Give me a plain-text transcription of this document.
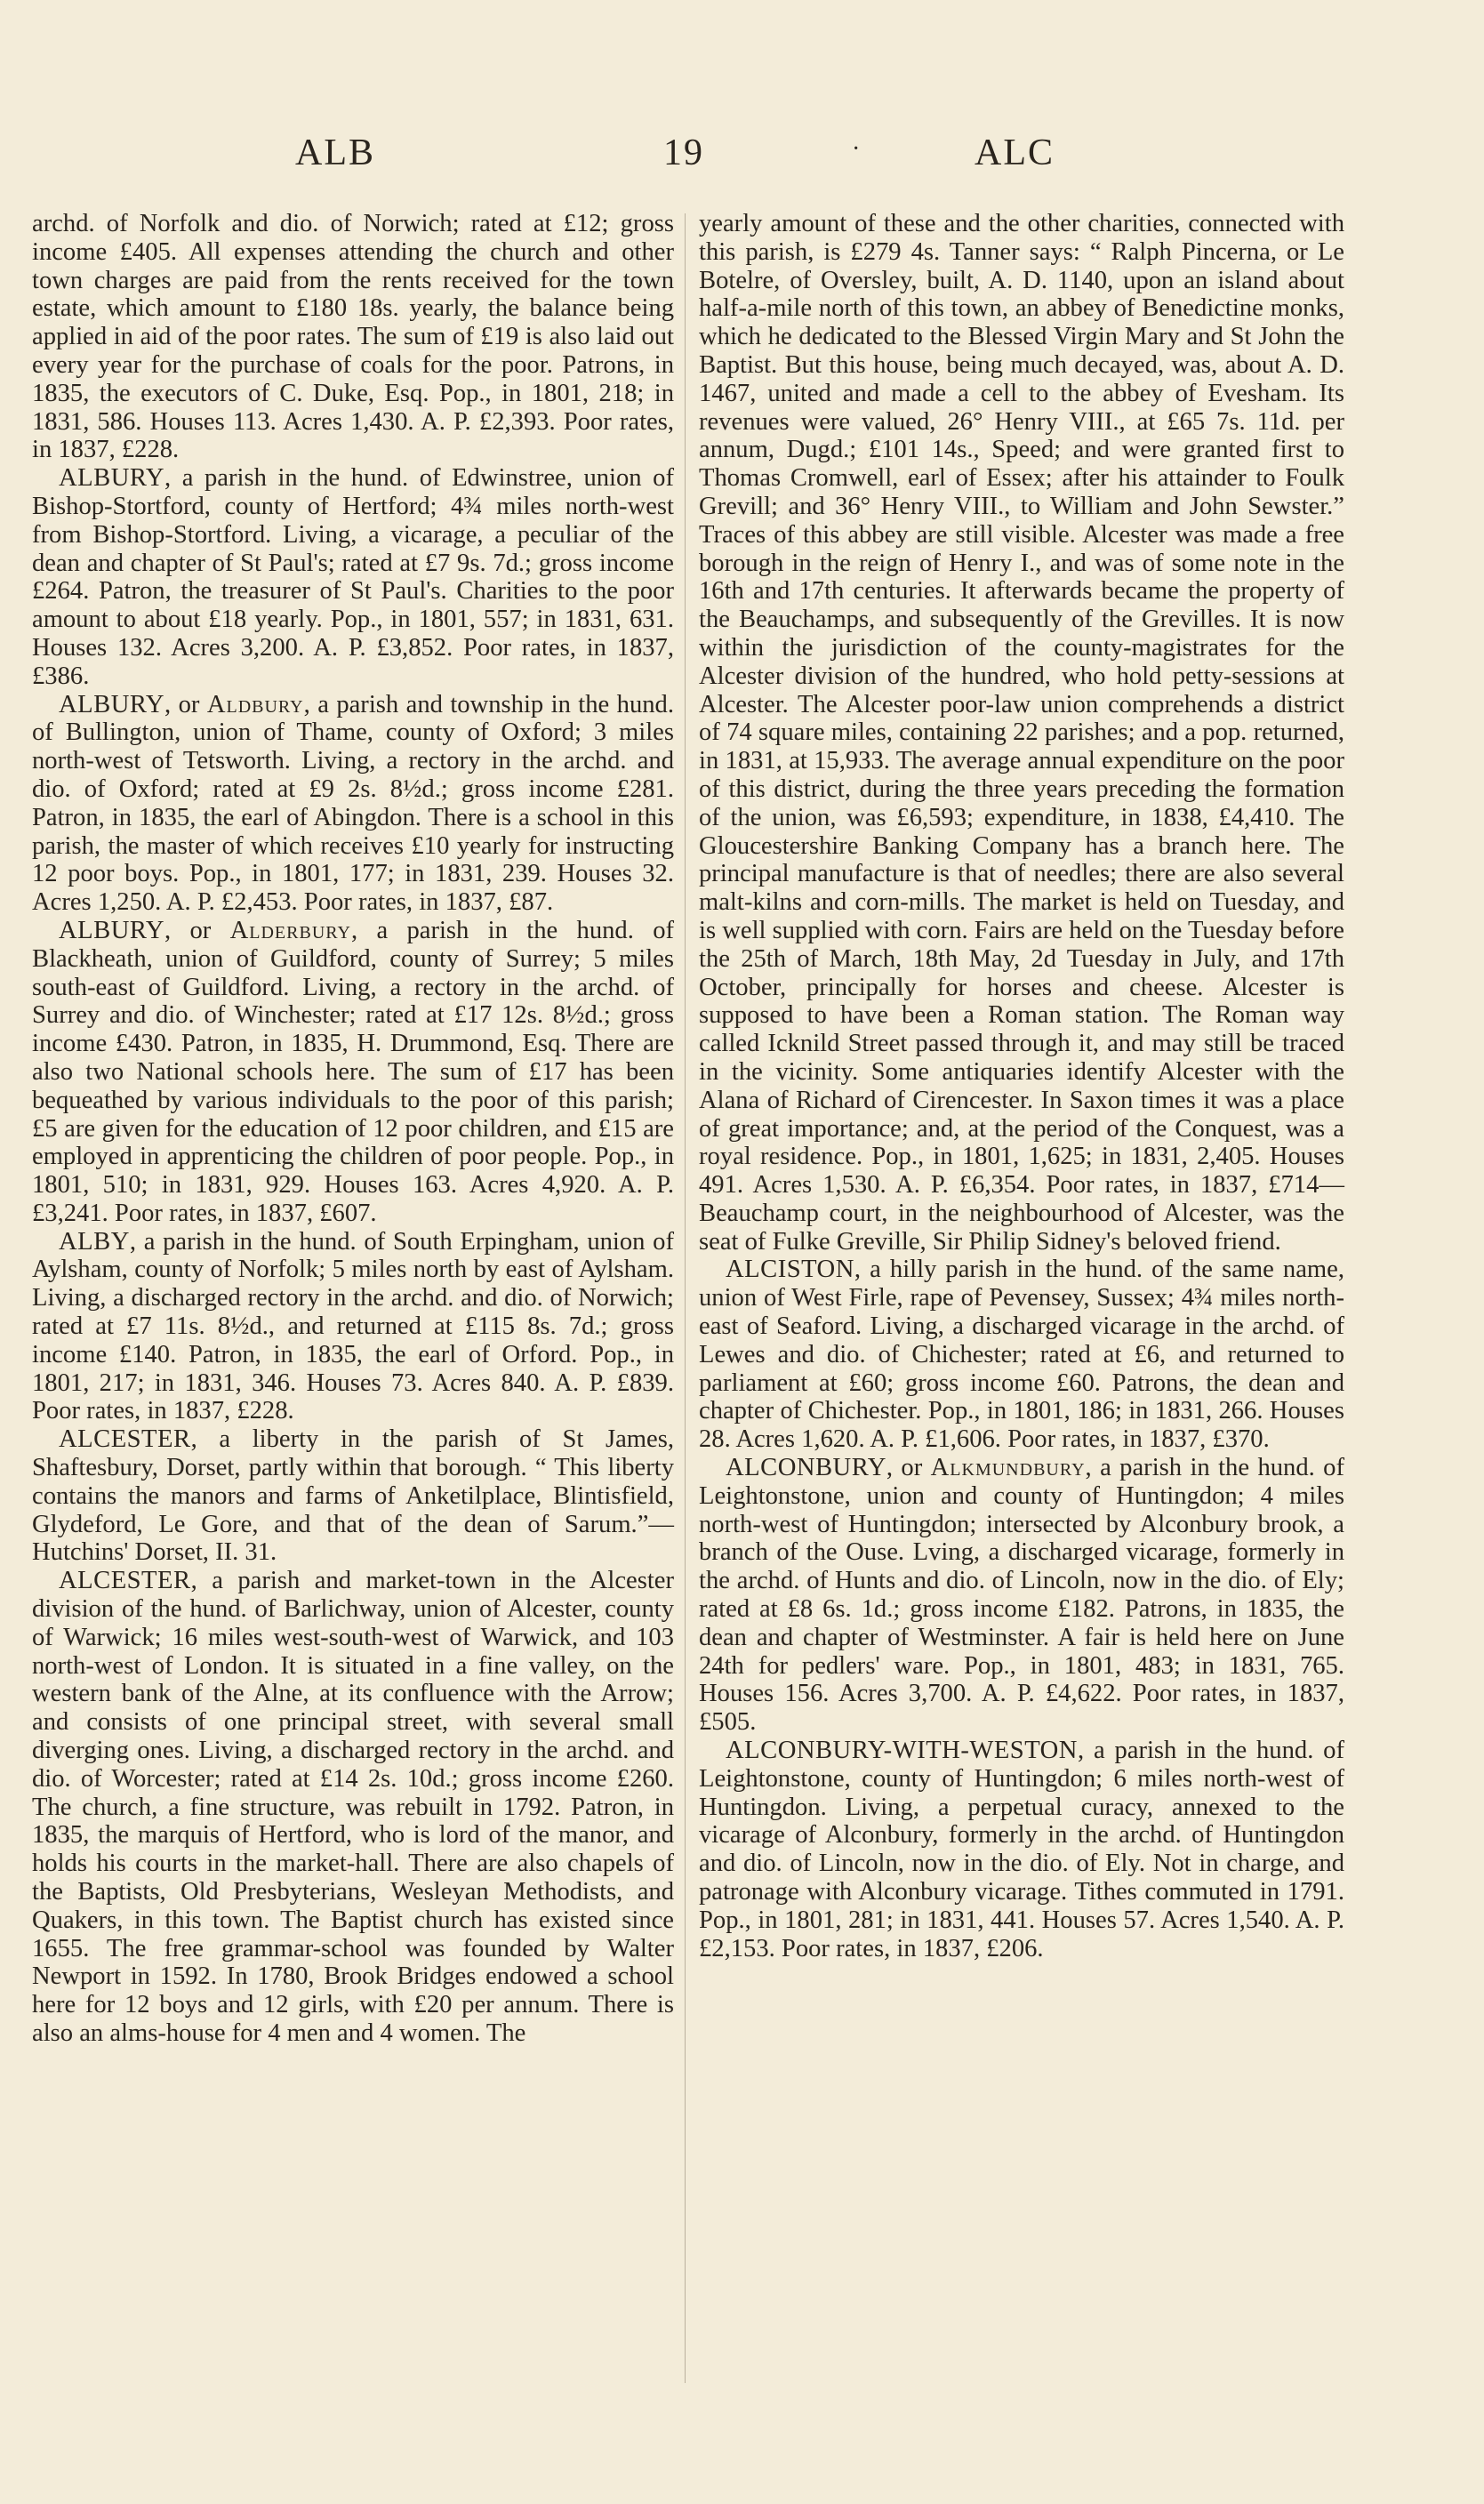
ALB	19	·	ALC

archd. of Norfolk and dio. of Norwich; rated at £12; gross income £405. All expenses attending the church and other town charges are paid from the rents received for the town estate, which amount to £180 18s. yearly, the balance being applied in aid of the poor rates. The sum of £19 is also laid out every year for the purchase of coals for the poor. Patrons, in 1835, the executors of C. Duke, Esq. Pop., in 1801, 218; in 1831, 586. Houses 113. Acres 1,430. A. P. £2,393. Poor rates, in 1837, £228.

ALBURY, a parish in the hund. of Edwinstree, union of Bishop-Stortford, county of Hertford; 4¾ miles north-west from Bishop-Stortford. Living, a vicarage, a peculiar of the dean and chapter of St Paul's; rated at £7 9s. 7d.; gross income £264. Patron, the treasurer of St Paul's. Charities to the poor amount to about £18 yearly. Pop., in 1801, 557; in 1831, 631. Houses 132. Acres 3,200. A. P. £3,852. Poor rates, in 1837, £386.

ALBURY, or Aldbury, a parish and township in the hund. of Bullington, union of Thame, county of Oxford; 3 miles north-west of Tetsworth. Living, a rectory in the archd. and dio. of Oxford; rated at £9 2s. 8½d.; gross income £281. Patron, in 1835, the earl of Abingdon. There is a school in this parish, the master of which receives £10 yearly for instructing 12 poor boys. Pop., in 1801, 177; in 1831, 239. Houses 32. Acres 1,250. A. P. £2,453. Poor rates, in 1837, £87.

ALBURY, or Alderbury, a parish in the hund. of Blackheath, union of Guildford, county of Surrey; 5 miles south-east of Guildford. Living, a rectory in the archd. of Surrey and dio. of Winchester; rated at £17 12s. 8½d.; gross income £430. Patron, in 1835, H. Drummond, Esq. There are also two National schools here. The sum of £17 has been bequeathed by various individuals to the poor of this parish; £5 are given for the education of 12 poor children, and £15 are employed in apprenticing the children of poor people. Pop., in 1801, 510; in 1831, 929. Houses 163. Acres 4,920. A. P. £3,241. Poor rates, in 1837, £607.

ALBY, a parish in the hund. of South Erpingham, union of Aylsham, county of Norfolk; 5 miles north by east of Aylsham. Living, a discharged rectory in the archd. and dio. of Norwich; rated at £7 11s. 8½d., and returned at £115 8s. 7d.; gross income £140. Patron, in 1835, the earl of Orford. Pop., in 1801, 217; in 1831, 346. Houses 73. Acres 840. A. P. £839. Poor rates, in 1837, £228.

ALCESTER, a liberty in the parish of St James, Shaftesbury, Dorset, partly within that borough. “ This liberty contains the manors and farms of Anketilplace, Blintisfield, Glydeford, Le Gore, and that of the dean of Sarum.”—Hutchins' Dorset, II. 31.

ALCESTER, a parish and market-town in the Alcester division of the hund. of Barlichway, union of Alcester, county of Warwick; 16 miles west-south-west of Warwick, and 103 north-west of London. It is situated in a fine valley, on the western bank of the Alne, at its confluence with the Arrow; and consists of one principal street, with several small diverging ones. Living, a discharged rectory in the archd. and dio. of Worcester; rated at £14 2s. 10d.; gross income £260. The church, a fine structure, was rebuilt in 1792. Patron, in 1835, the marquis of Hertford, who is lord of the manor, and holds his courts in the market-hall. There are also chapels of the Baptists, Old Presbyterians, Wesleyan Methodists, and Quakers, in this town. The Baptist church has existed since 1655. The free grammar-school was founded by Walter Newport in 1592. In 1780, Brook Bridges endowed a school here for 12 boys and 12 girls, with £20 per annum. There is also an alms-house for 4 men and 4 women. The

yearly amount of these and the other charities, connected with this parish, is £279 4s. Tanner says: “ Ralph Pincerna, or Le Botelre, of Oversley, built, A. D. 1140, upon an island about half-a-mile north of this town, an abbey of Benedictine monks, which he dedicated to the Blessed Virgin Mary and St John the Baptist. But this house, being much decayed, was, about A. D. 1467, united and made a cell to the abbey of Evesham. Its revenues were valued, 26° Henry VIII., at £65 7s. 11d. per annum, Dugd.; £101 14s., Speed; and were granted first to Thomas Cromwell, earl of Essex; after his attainder to Foulk Grevill; and 36° Henry VIII., to William and John Sewster.” Traces of this abbey are still visible. Alcester was made a free borough in the reign of Henry I., and was of some note in the 16th and 17th centuries. It afterwards became the property of the Beauchamps, and subsequently of the Grevilles. It is now within the jurisdiction of the county-magistrates for the Alcester division of the hundred, who hold petty-sessions at Alcester. The Alcester poor-law union comprehends a district of 74 square miles, containing 22 parishes; and a pop. returned, in 1831, at 15,933. The average annual expenditure on the poor of this district, during the three years preceding the formation of the union, was £6,593; expenditure, in 1838, £4,410. The Gloucestershire Banking Company has a branch here. The principal manufacture is that of needles; there are also several malt-kilns and corn-mills. The market is held on Tuesday, and is well supplied with corn. Fairs are held on the Tuesday before the 25th of March, 18th May, 2d Tuesday in July, and 17th October, principally for horses and cheese. Alcester is supposed to have been a Roman station. The Roman way called Icknild Street passed through it, and may still be traced in the vicinity. Some antiquaries identify Alcester with the Alana of Richard of Cirencester. In Saxon times it was a place of great importance; and, at the period of the Conquest, was a royal residence. Pop., in 1801, 1,625; in 1831, 2,405. Houses 491. Acres 1,530. A. P. £6,354. Poor rates, in 1837, £714—Beauchamp court, in the neighbourhood of Alcester, was the seat of Fulke Greville, Sir Philip Sidney's beloved friend.

ALCISTON, a hilly parish in the hund. of the same name, union of West Firle, rape of Pevensey, Sussex; 4¾ miles north-east of Seaford. Living, a discharged vicarage in the archd. of Lewes and dio. of Chichester; rated at £6, and returned to parliament at £60; gross income £60. Patrons, the dean and chapter of Chichester. Pop., in 1801, 186; in 1831, 266. Houses 28. Acres 1,620. A. P. £1,606. Poor rates, in 1837, £370.

ALCONBURY, or Alkmundbury, a parish in the hund. of Leightonstone, union and county of Huntingdon; 4 miles north-west of Huntingdon; intersected by Alconbury brook, a branch of the Ouse. Lving, a discharged vicarage, formerly in the archd. of Hunts and dio. of Lincoln, now in the dio. of Ely; rated at £8 6s. 1d.; gross income £182. Patrons, in 1835, the dean and chapter of Westminster. A fair is held here on June 24th for pedlers' ware. Pop., in 1801, 483; in 1831, 765. Houses 156. Acres 3,700. A. P. £4,622. Poor rates, in 1837, £505.

ALCONBURY-WITH-WESTON, a parish in the hund. of Leightonstone, county of Huntingdon; 6 miles north-west of Huntingdon. Living, a perpetual curacy, annexed to the vicarage of Alconbury, formerly in the archd. of Huntingdon and dio. of Lincoln, now in the dio. of Ely. Not in charge, and patronage with Alconbury vicarage. Tithes commuted in 1791. Pop., in 1801, 281; in 1831, 441. Houses 57. Acres 1,540. A. P. £2,153. Poor rates, in 1837, £206.
